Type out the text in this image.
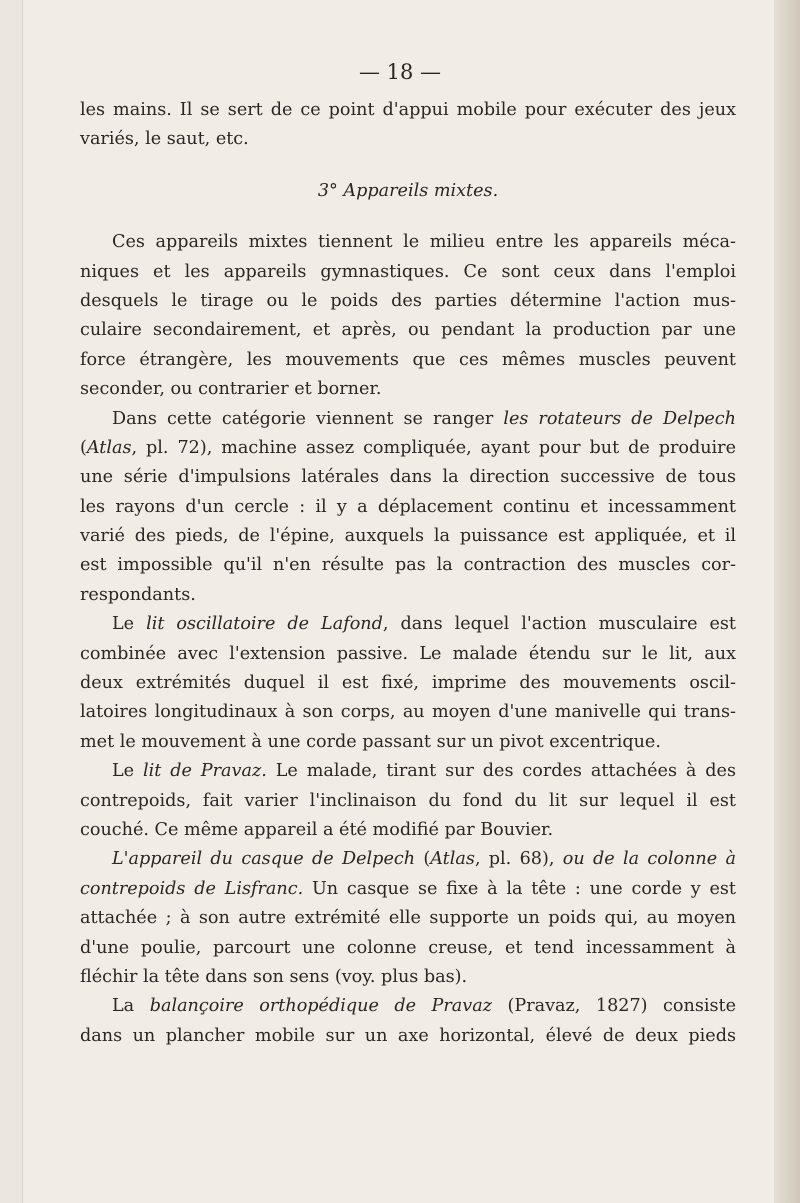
— 18 —
les mains. Il se sert de ce point d'appui mobile pour exécuter des jeux
variés, le saut, etc.
3° Appareils mixtes.
Ces appareils mixtes tiennent le milieu entre les appareils méca-
niques et les appareils gymnastiques. Ce sont ceux dans l'emploi
desquels le tirage ou le poids des parties détermine l'action mus-
culaire secondairement, et après, ou pendant la production par une
force étrangère, les mouvements que ces mêmes muscles peuvent
seconder, ou contrarier et borner.
Dans cette catégorie viennent se ranger les rotateurs de Delpech
(Atlas, pl. 72), machine assez compliquée, ayant pour but de produire
une série d'impulsions latérales dans la direction successive de tous
les rayons d'un cercle : il y a déplacement continu et incessamment
varié des pieds, de l'épine, auxquels la puissance est appliquée, et il
est impossible qu'il n'en résulte pas la contraction des muscles cor-
respondants.
Le lit oscillatoire de Lafond, dans lequel l'action musculaire est
combinée avec l'extension passive. Le malade étendu sur le lit, aux
deux extrémités duquel il est fixé, imprime des mouvements oscil-
latoires longitudinaux à son corps, au moyen d'une manivelle qui trans-
met le mouvement à une corde passant sur un pivot excentrique.
Le lit de Pravaz. Le malade, tirant sur des cordes attachées à des
contrepoids, fait varier l'inclinaison du fond du lit sur lequel il est
couché. Ce même appareil a été modifié par Bouvier.
L'appareil du casque de Delpech (Atlas, pl. 68), ou de la colonne à
contrepoids de Lisfranc. Un casque se fixe à la tête : une corde y est
attachée ; à son autre extrémité elle supporte un poids qui, au moyen
d'une poulie, parcourt une colonne creuse, et tend incessamment à
fléchir la tête dans son sens (voy. plus bas).
La balançoire orthopédique de Pravaz (Pravaz, 1827) consiste
dans un plancher mobile sur un axe horizontal, élevé de deux pieds
